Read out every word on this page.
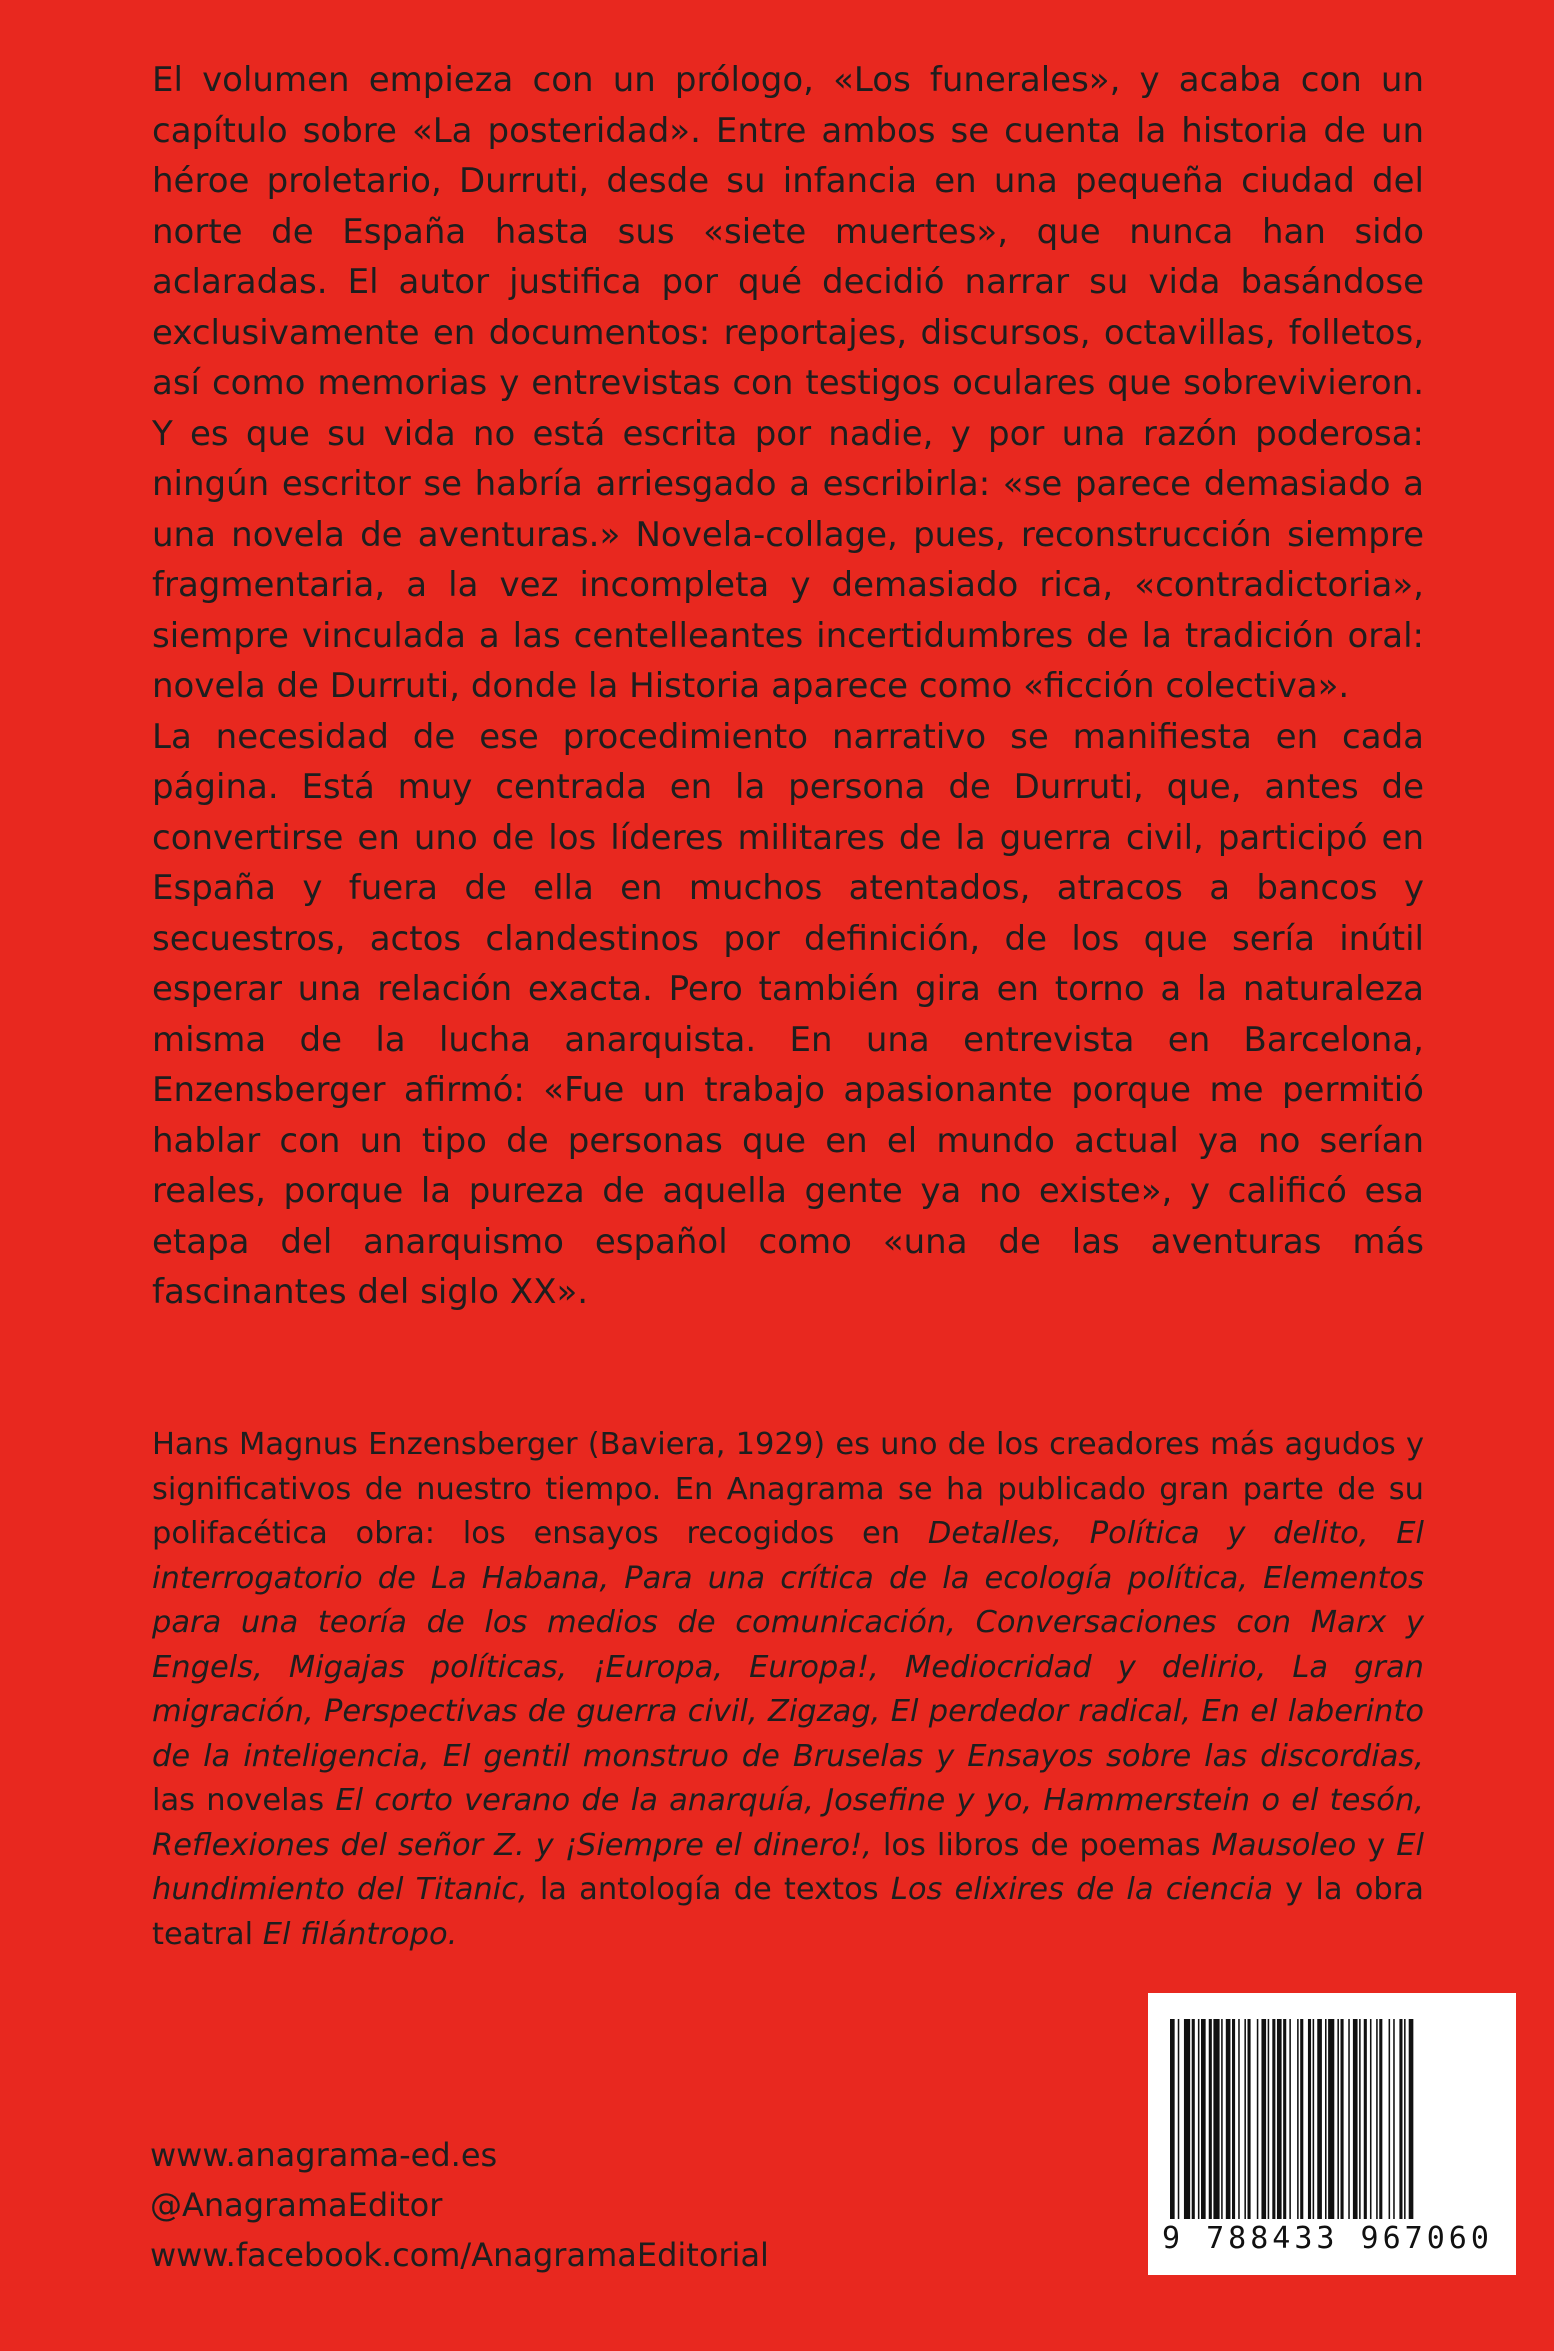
El volumen empieza con un prólogo, «Los funerales», y acaba con un capítulo sobre «La posteridad». Entre ambos se cuenta la historia de un héroe proletario, Durruti, desde su infancia en una pequeña ciudad del norte de España hasta sus «siete muertes», que nunca han sido aclaradas. El autor justifica por qué decidió narrar su vida basándose exclusivamente en documentos: reportajes, discursos, octavillas, folletos, así como memorias y entrevistas con testigos oculares que sobrevivieron. Y es que su vida no está escrita por nadie, y por una razón poderosa: ningún escritor se habría arriesgado a escribirla: «se parece demasiado a una novela de aventuras.» Novela-collage, pues, reconstrucción siempre fragmentaria, a la vez incompleta y demasiado rica, «contradictoria», siempre vinculada a las centelleantes incertidumbres de la tradición oral: novela de Durruti, donde la Historia aparece como «ficción colectiva».

La necesidad de ese procedimiento narrativo se manifiesta en cada página. Está muy centrada en la persona de Durruti, que, antes de convertirse en uno de los líderes militares de la guerra civil, participó en España y fuera de ella en muchos atentados, atracos a bancos y secuestros, actos clandestinos por definición, de los que sería inútil esperar una relación exacta. Pero también gira en torno a la naturaleza misma de la lucha anarquista. En una entrevista en Barcelona, Enzensberger afirmó: «Fue un trabajo apasionante porque me permitió hablar con un tipo de personas que en el mundo actual ya no serían reales, porque la pureza de aquella gente ya no existe», y calificó esa etapa del anarquismo español como «una de las aventuras más fascinantes del siglo XX».

Hans Magnus Enzensberger (Baviera, 1929) es uno de los creadores más agudos y significativos de nuestro tiempo. En Anagrama se ha publicado gran parte de su polifacética obra: los ensayos recogidos en Detalles, Política y delito, El interrogatorio de La Habana, Para una crítica de la ecología política, Elementos para una teoría de los medios de comunicación, Conversaciones con Marx y Engels, Migajas políticas, ¡Europa, Europa!, Mediocridad y delirio, La gran migración, Perspectivas de guerra civil, Zigzag, El perdedor radical, En el laberinto de la inteligencia, El gentil monstruo de Bruselas y Ensayos sobre las discordias, las novelas El corto verano de la anarquía, Josefine y yo, Hammerstein o el tesón, Reflexiones del señor Z. y ¡Siempre el dinero!, los libros de poemas Mausoleo y El hundimiento del Titanic, la antología de textos Los elixires de la ciencia y la obra teatral El filántropo.

www.anagrama-ed.es
@AnagramaEditor
www.facebook.com/AnagramaEditorial	9 788433 967060
